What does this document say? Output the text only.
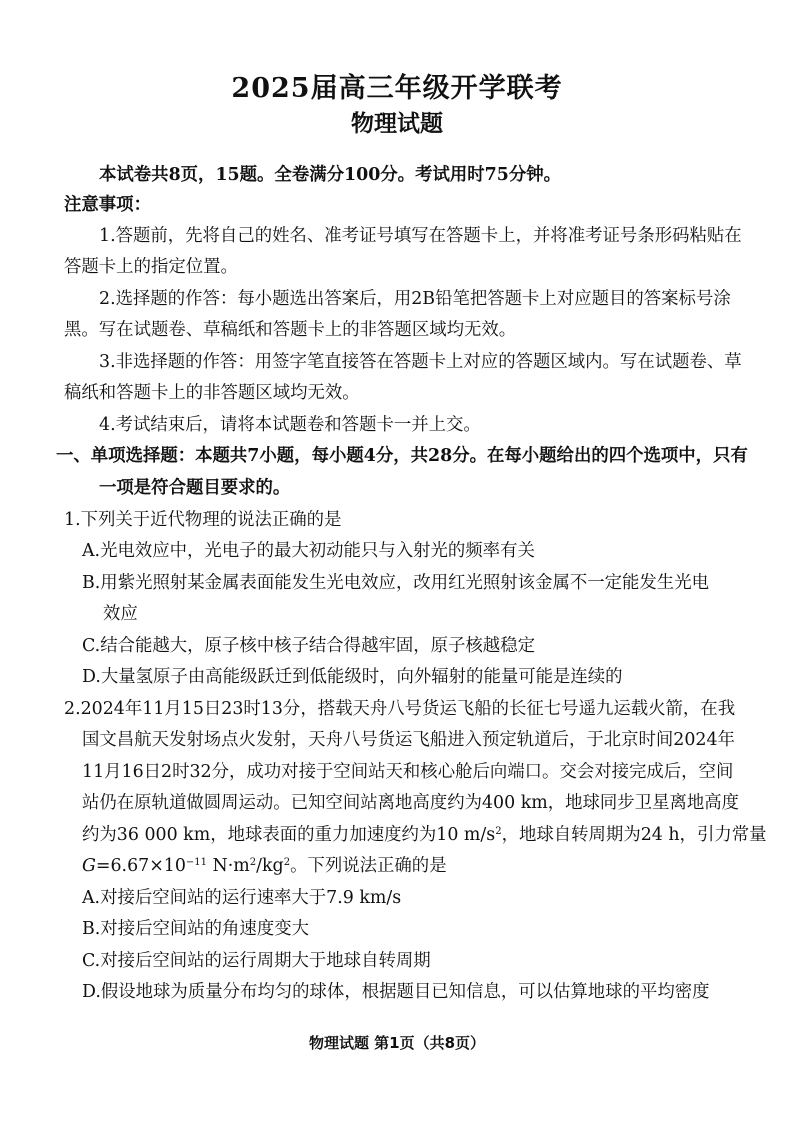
2025届高三年级开学联考
物理试题
本试卷共8页，15题。全卷满分100分。考试用时75分钟。
注意事项：
1.答题前，先将自己的姓名、准考证号填写在答题卡上，并将准考证号条形码粘贴在
答题卡上的指定位置。
2.选择题的作答：每小题选出答案后，用2B铅笔把答题卡上对应题目的答案标号涂
黑。写在试题卷、草稿纸和答题卡上的非答题区域均无效。
3.非选择题的作答：用签字笔直接答在答题卡上对应的答题区域内。写在试题卷、草
稿纸和答题卡上的非答题区域均无效。
4.考试结束后，请将本试题卷和答题卡一并上交。
一、单项选择题：本题共7小题，每小题4分，共28分。在每小题给出的四个选项中，只有
一项是符合题目要求的。
1.下列关于近代物理的说法正确的是
A.光电效应中，光电子的最大初动能只与入射光的频率有关
B.用紫光照射某金属表面能发生光电效应，改用红光照射该金属不一定能发生光电
效应
C.结合能越大，原子核中核子结合得越牢固，原子核越稳定
D.大量氢原子由高能级跃迁到低能级时，向外辐射的能量可能是连续的
2.2024年11月15日23时13分，搭载天舟八号货运飞船的长征七号遥九运载火箭，在我
国文昌航天发射场点火发射，天舟八号货运飞船进入预定轨道后，于北京时间2024年
11月16日2时32分，成功对接于空间站天和核心舱后向端口。交会对接完成后，空间
站仍在原轨道做圆周运动。已知空间站离地高度约为400 km，地球同步卫星离地高度
约为36 000 km，地球表面的重力加速度约为10 $m/s^2$，地球自转周期为24 h，引力常量
$G=6.67\times 10^{-11}$ $N\cdot m^2/kg^2$。下列说法正确的是
A.对接后空间站的运行速率大于7.9 km/s
B.对接后空间站的角速度变大
C.对接后空间站的运行周期大于地球自转周期
D.假设地球为质量分布均匀的球体，根据题目已知信息，可以估算地球的平均密度
物理试题 第1页（共8页）
